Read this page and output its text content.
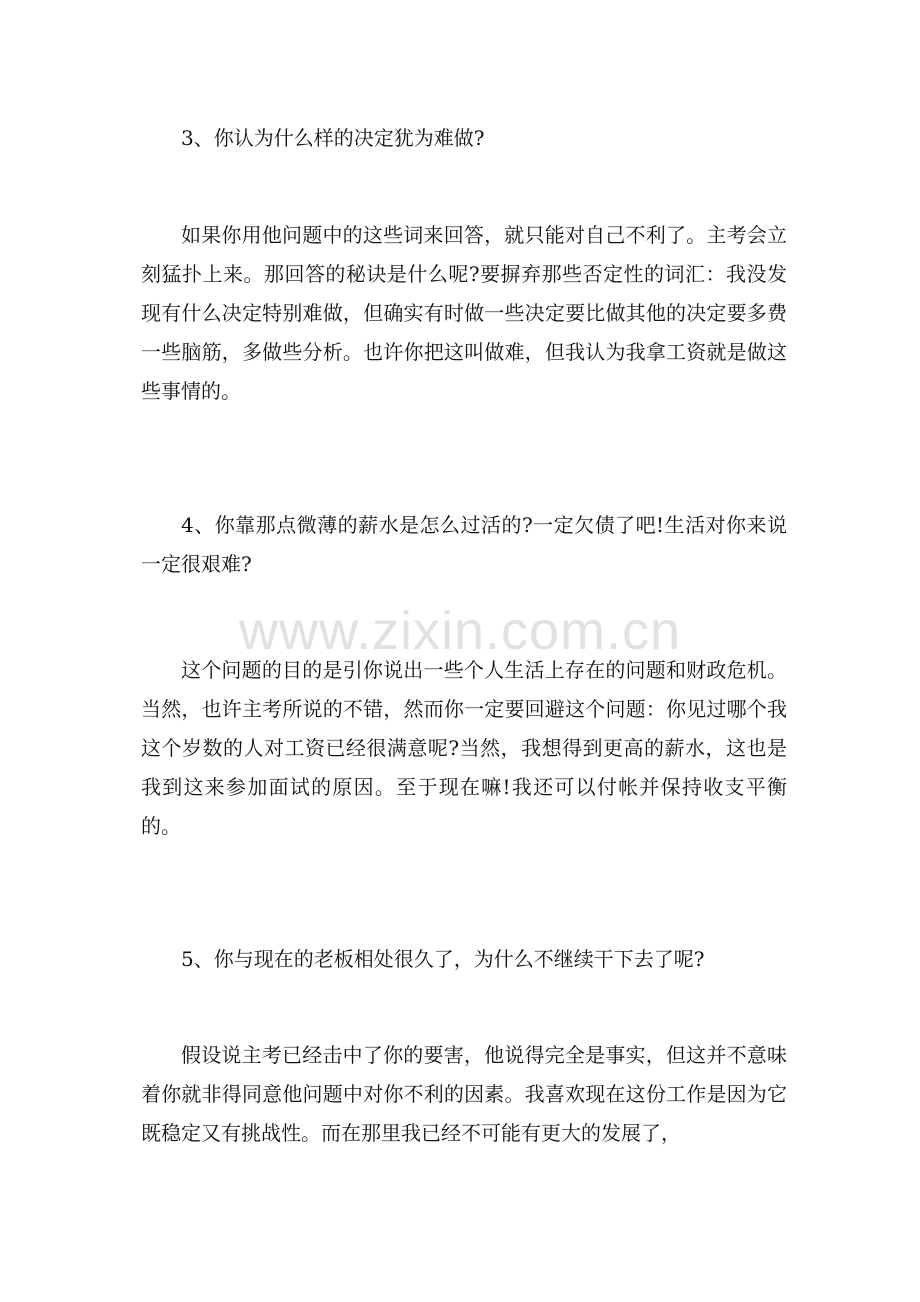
3、你认为什么样的决定犹为难做?

如果你用他问题中的这些词来回答，就只能对自己不利了。主考会立刻猛扑上来。那回答的秘诀是什么呢?要摒弃那些否定性的词汇：我没发现有什么决定特别难做，但确实有时做一些决定要比做其他的决定要多费一些脑筋，多做些分析。也许你把这叫做难，但我认为我拿工资就是做这些事情的。

4、你靠那点微薄的薪水是怎么过活的?一定欠债了吧!生活对你来说一定很艰难?

这个问题的目的是引你说出一些个人生活上存在的问题和财政危机。当然，也许主考所说的不错，然而你一定要回避这个问题：你见过哪个我这个岁数的人对工资已经很满意呢?当然，我想得到更高的薪水，这也是我到这来参加面试的原因。至于现在嘛!我还可以付帐并保持收支平衡的。

5、你与现在的老板相处很久了，为什么不继续干下去了呢?

假设说主考已经击中了你的要害，他说得完全是事实，但这并不意味着你就非得同意他问题中对你不利的因素。我喜欢现在这份工作是因为它既稳定又有挑战性。而在那里我已经不可能有更大的发展了，

www.zixin.com.cn
